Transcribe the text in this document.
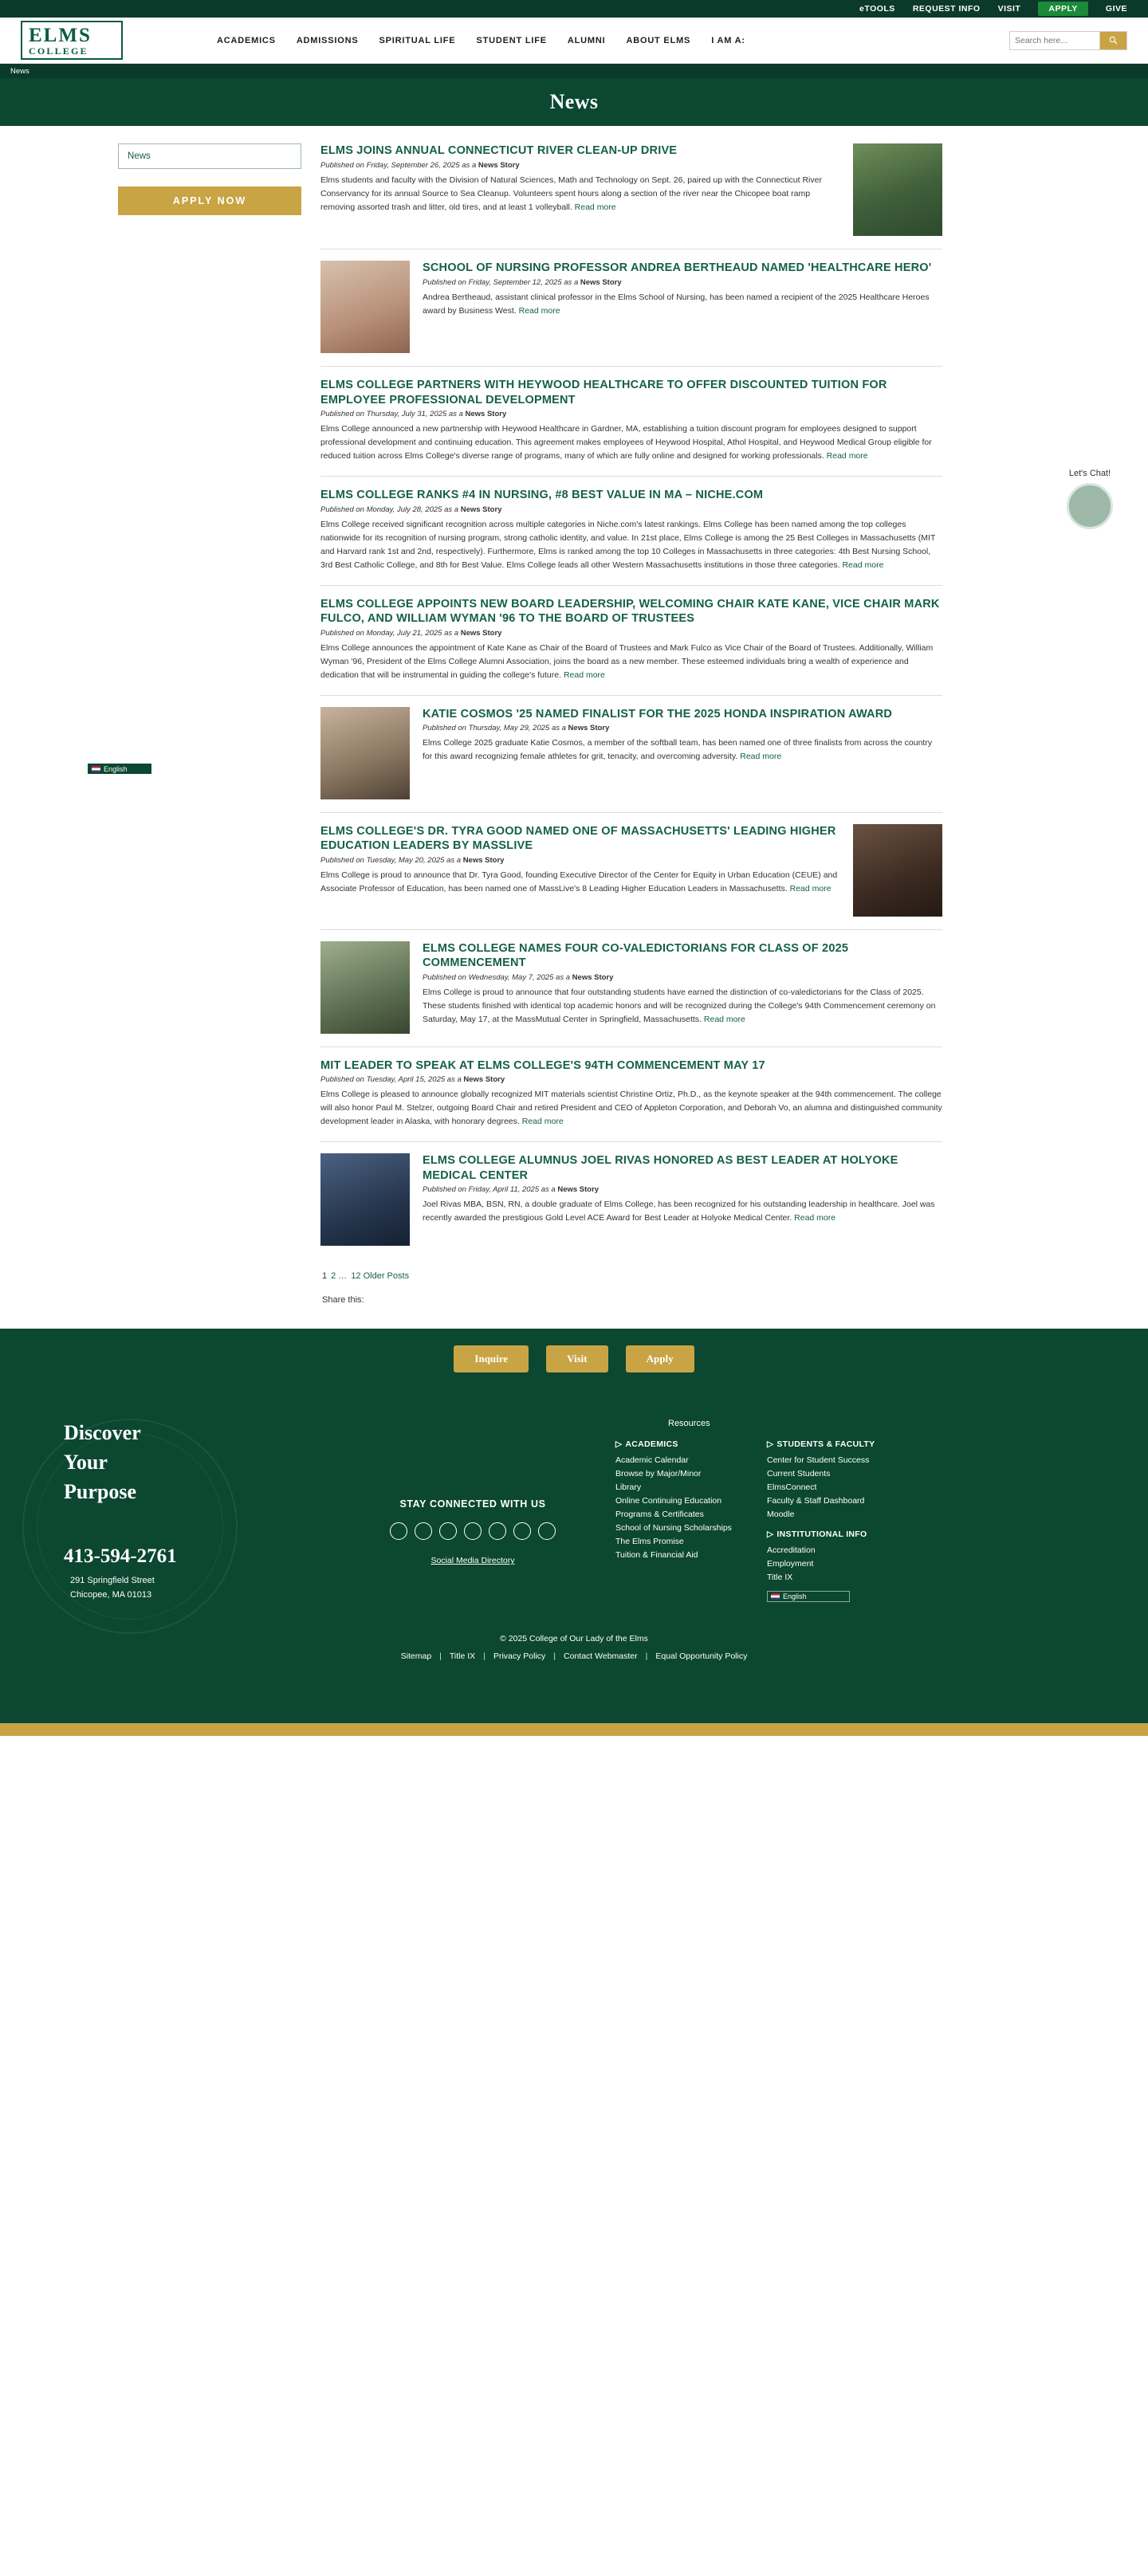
eTOOLS REQUEST INFO VISIT	APPLY	GIVE
ELMS
COLLEGE
ACADEMICS ADMISSIONS SPIRITUAL LIFE STUDENT LIFE ALUMNI ABOUT ELMS I AM A:
Search here...
News
News
News
APPLY NOW
English
ELMS JOINS ANNUAL CONNECTICUT RIVER CLEAN-UP DRIVE
Published on Friday, September 26, 2025 as a News Story
Elms students and faculty with the Division of Natural Sciences, Math and Technology on Sept. 26, paired up with the Connecticut River Conservancy for its annual Source to Sea Cleanup. Volunteers spent hours along a section of the river near the Chicopee boat ramp removing assorted trash and litter, old tires, and at least 1 volleyball. Read more
SCHOOL OF NURSING PROFESSOR ANDREA BERTHEAUD NAMED 'HEALTHCARE HERO'
Published on Friday, September 12, 2025 as a News Story
Andrea Bertheaud, assistant clinical professor in the Elms School of Nursing, has been named a recipient of the 2025 Healthcare Heroes award by Business West. Read more
ELMS COLLEGE PARTNERS WITH HEYWOOD HEALTHCARE TO OFFER DISCOUNTED TUITION FOR EMPLOYEE PROFESSIONAL DEVELOPMENT
Published on Thursday, July 31, 2025 as a News Story
Elms College announced a new partnership with Heywood Healthcare in Gardner, MA, establishing a tuition discount program for employees designed to support professional development and continuing education. This agreement makes employees of Heywood Hospital, Athol Hospital, and Heywood Medical Group eligible for reduced tuition across Elms College's diverse range of programs, many of which are fully online and designed for working professionals. Read more
ELMS COLLEGE RANKS #4 IN NURSING, #8 BEST VALUE IN MA – NICHE.COM
Published on Monday, July 28, 2025 as a News Story
Elms College received significant recognition across multiple categories in Niche.com's latest rankings. Elms College has been named among the top colleges nationwide for its recognition of nursing program, strong catholic identity, and value. In 21st place, Elms College is among the 25 Best Colleges in Massachusetts (MIT and Harvard rank 1st and 2nd, respectively). Furthermore, Elms is ranked among the top 10 Colleges in Massachusetts in three categories: 4th Best Nursing School, 3rd Best Catholic College, and 8th for Best Value. Elms College leads all other Western Massachusetts institutions in those three categories. Read more
ELMS COLLEGE APPOINTS NEW BOARD LEADERSHIP, WELCOMING CHAIR KATE KANE, VICE CHAIR MARK FULCO, AND WILLIAM WYMAN '96 TO THE BOARD OF TRUSTEES
Published on Monday, July 21, 2025 as a News Story
Elms College announces the appointment of Kate Kane as Chair of the Board of Trustees and Mark Fulco as Vice Chair of the Board of Trustees. Additionally, William Wyman '96, President of the Elms College Alumni Association, joins the board as a new member. These esteemed individuals bring a wealth of experience and dedication that will be instrumental in guiding the college's future. Read more
KATIE COSMOS '25 NAMED FINALIST FOR THE 2025 HONDA INSPIRATION AWARD
Published on Thursday, May 29, 2025 as a News Story
Elms College 2025 graduate Katie Cosmos, a member of the softball team, has been named one of three finalists from across the country for this award recognizing female athletes for grit, tenacity, and overcoming adversity. Read more
ELMS COLLEGE'S DR. TYRA GOOD NAMED ONE OF MASSACHUSETTS' LEADING HIGHER EDUCATION LEADERS BY MASSLIVE
Published on Tuesday, May 20, 2025 as a News Story
Elms College is proud to announce that Dr. Tyra Good, founding Executive Director of the Center for Equity in Urban Education (CEUE) and Associate Professor of Education, has been named one of MassLive's 8 Leading Higher Education Leaders in Massachusetts. Read more
ELMS COLLEGE NAMES FOUR CO-VALEDICTORIANS FOR CLASS OF 2025 COMMENCEMENT
Published on Wednesday, May 7, 2025 as a News Story
Elms College is proud to announce that four outstanding students have earned the distinction of co-valedictorians for the Class of 2025. These students finished with identical top academic honors and will be recognized during the College's 94th Commencement ceremony on Saturday, May 17, at the MassMutual Center in Springfield, Massachusetts. Read more
MIT LEADER TO SPEAK AT ELMS COLLEGE'S 94TH COMMENCEMENT MAY 17
Published on Tuesday, April 15, 2025 as a News Story
Elms College is pleased to announce globally recognized MIT materials scientist Christine Ortiz, Ph.D., as the keynote speaker at the 94th commencement. The college will also honor Paul M. Stelzer, outgoing Board Chair and retired President and CEO of Appleton Corporation, and Deborah Vo, an alumna and distinguished community development leader in Alaska, with honorary degrees. Read more
ELMS COLLEGE ALUMNUS JOEL RIVAS HONORED AS BEST LEADER AT HOLYOKE MEDICAL CENTER
Published on Friday, April 11, 2025 as a News Story
Joel Rivas MBA, BSN, RN, a double graduate of Elms College, has been recognized for his outstanding leadership in healthcare. Joel was recently awarded the prestigious Gold Level ACE Award for Best Leader at Holyoke Medical Center. Read more
1 2 … 12 Older Posts
Share this:
Let's Chat!
Inquire	Visit	Apply
Discover
Your
Purpose
413-594-2761
291 Springfield Street
Chicopee, MA 01013
STAY CONNECTED WITH US
Social Media Directory
Resources
▷ ACADEMICS
Academic Calendar
Browse by Major/Minor
Library
Online Continuing Education
Programs & Certificates
School of Nursing Scholarships
The Elms Promise
Tuition & Financial Aid
▷ STUDENTS & FACULTY
Center for Student Success
Current Students
ElmsConnect
Faculty & Staff Dashboard
Moodle
▷ INSTITUTIONAL INFO
Accreditation
Employment
Title IX
English
© 2025 College of Our Lady of the Elms
Sitemap | Title IX | Privacy Policy | Contact Webmaster | Equal Opportunity Policy
